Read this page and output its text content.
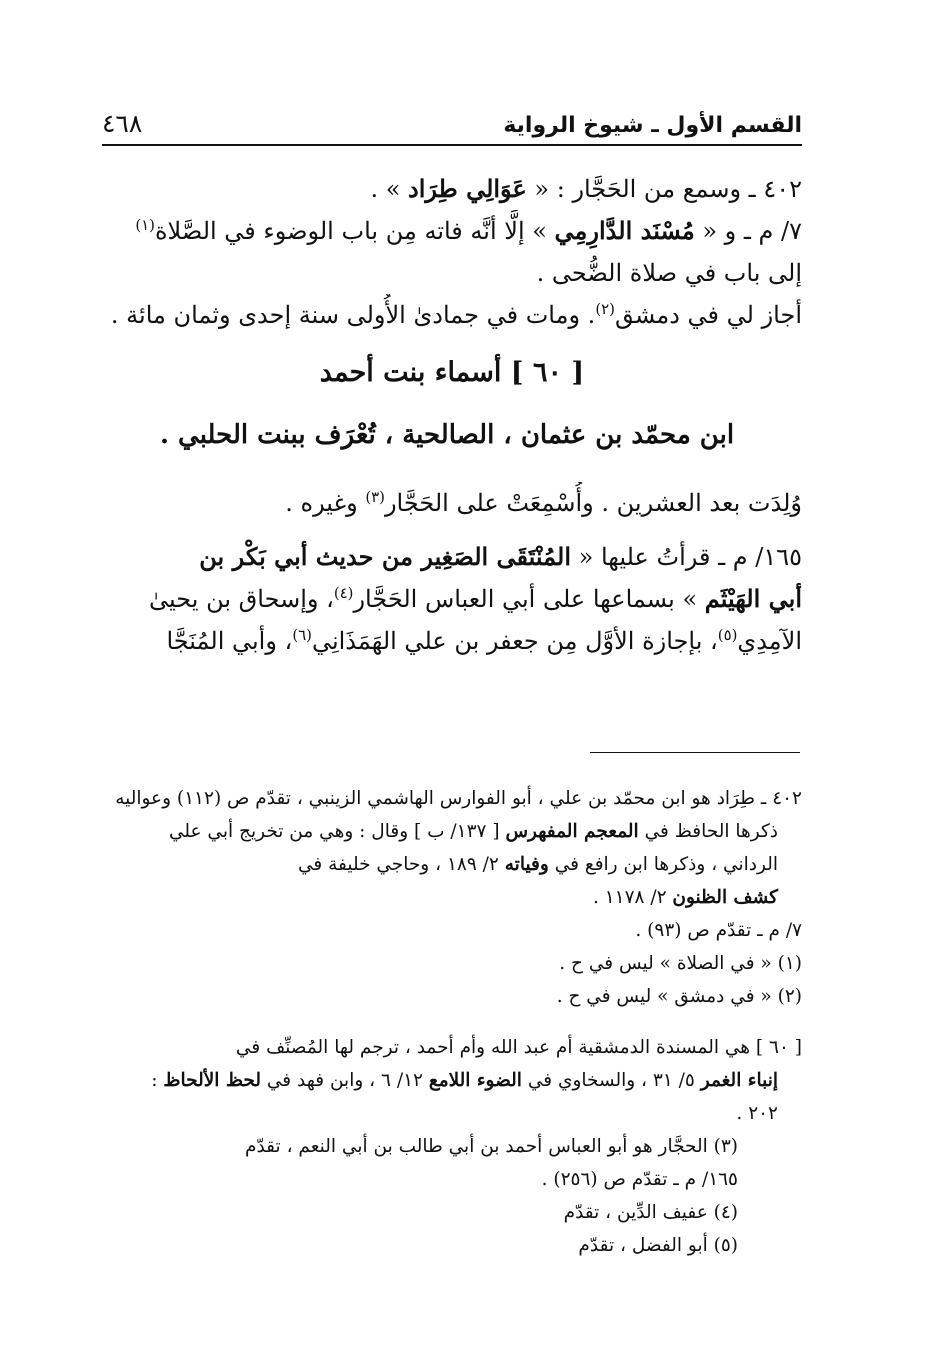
القسم الأول ـ شيوخ الرواية
٤٦٨
٤٠٢ ـ وسمع من الحَجَّار : « عَوَالِي طِرَاد » .
٧/ م ـ و « مُسْنَد الدَّارِمِي » إلَّا أنَّه فاته مِن باب الوضوء في الصَّلاة$^{(١)}$
إلى باب في صلاة الضُّحى .
أجاز لي في دمشق$^{(٢)}$. ومات في جمادىٰ الأُولى سنة إحدى وثمان مائة .
[ ٦٠ ] أسماء بنت أحمد
ابن محمّد بن عثمان ، الصالحية ، تُعْرَف ببنت الحلبي .
وُلِدَت بعد العشرين . وأُسْمِعَتْ على الحَجَّار$^{(٣)}$ وغيره .
١٦٥/ م ـ قرأتُ عليها « المُنْتَقَى الصَغِير من حديث أبي بَكْر بن
أبي الهَيْثَم » بسماعها على أبي العباس الحَجَّار$^{(٤)}$، وإسحاق بن يحيىٰ
الآمِدِي$^{(٥)}$، بإجازة الأوَّل مِن جعفر بن علي الهَمَذَانِي$^{(٦)}$، وأبي المُنَجَّا
٤٠٢ ـ طِرَاد هو ابن محمّد بن علي ، أبو الفوارس الهاشمي الزينبي ، تقدّم ص (١١٢) وعواليه
ذكرها الحافظ في المعجم المفهرس [ ١٣٧/ ب ] وقال : وهي من تخريج أبي علي
الرداني ، وذكرها ابن رافع في وفياته ٢/ ١٨٩ ، وحاجي خليفة في
كشف الظنون ٢/ ١١٧٨ .
٧/ م ـ تقدّم ص (٩٣) .
(١) « في الصلاة » ليس في ح .
(٢) « في دمشق » ليس في ح .
[ ٦٠ ] هي المسندة الدمشقية أم عبد الله وأم أحمد ، ترجم لها المُصنِّف في
إنباء الغمر ٥/ ٣١ ، والسخاوي في الضوء اللامع ١٢/ ٦ ، وابن فهد في لحظ الألحاظ :
٢٠٢ .
(٣) الحجَّار هو أبو العباس أحمد بن أبي طالب بن أبي النعم ، تقدّم
١٦٥/ م ـ تقدّم ص (٢٥٦) .
(٤) عفيف الدِّين ، تقدّم
(٥) أبو الفضل ، تقدّم
